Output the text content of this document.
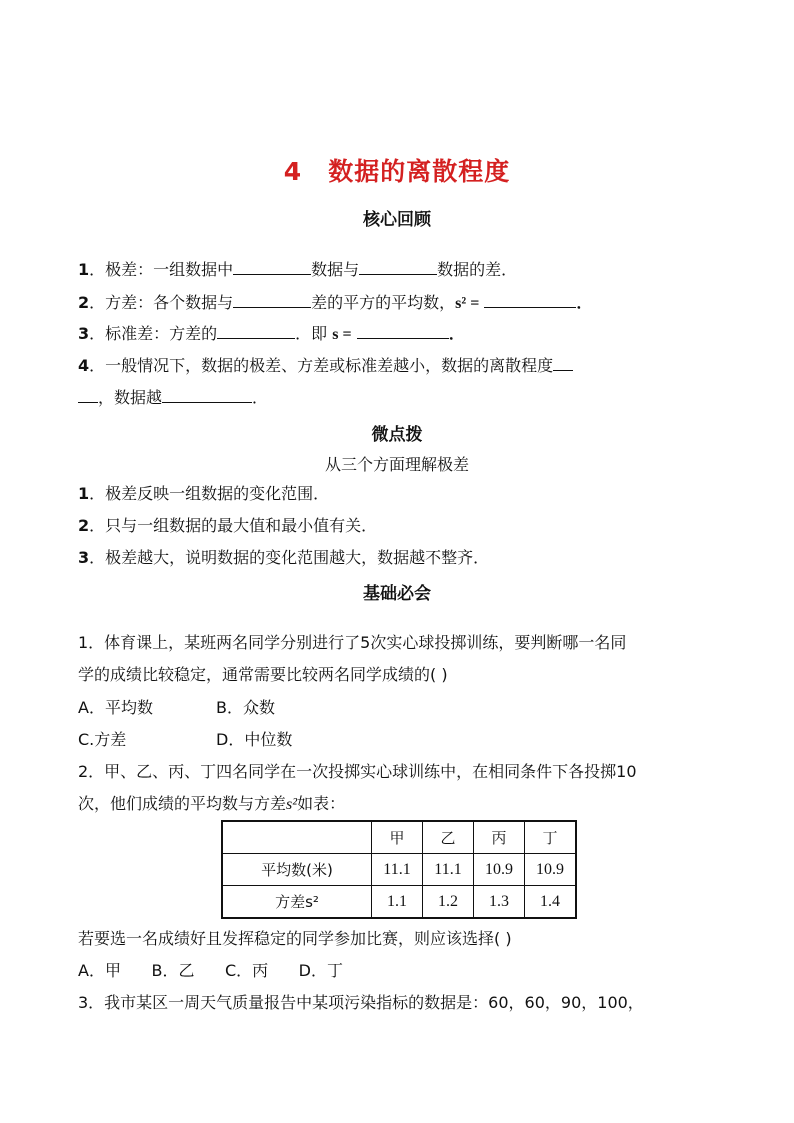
4 数据的离散程度
核心回顾
1．极差：一组数据中	数据与	数据的差．
2．方差：各个数据与	差的平方的平均数，s² =	．
3．标准差：方差的	．即 s =	．
4．一般情况下，数据的极差、方差或标准差越小，数据的离散程度
，数据越	．
微点拨
从三个方面理解极差
1．极差反映一组数据的变化范围．
2．只与一组数据的最大值和最小值有关．
3．极差越大，说明数据的变化范围越大，数据越不整齐．
基础必会
1．体育课上，某班两名同学分别进行了5次实心球投掷训练，要判断哪一名同
学的成绩比较稳定，通常需要比较两名同学成绩的( )
A．平均数	B．众数
C.方差	D．中位数
2．甲、乙、丙、丁四名同学在一次投掷实心球训练中，在相同条件下各投掷10
次，他们成绩的平均数与方差s²如表：
	甲	乙	丙	丁
平均数(米)	11.1	11.1	10.9	10.9
方差s²	1.1	1.2	1.3	1.4
若要选一名成绩好且发挥稳定的同学参加比赛，则应该选择( )
A．甲      B．乙      C．丙      D．丁
3．我市某区一周天气质量报告中某项污染指标的数据是：60，60，90，100，
